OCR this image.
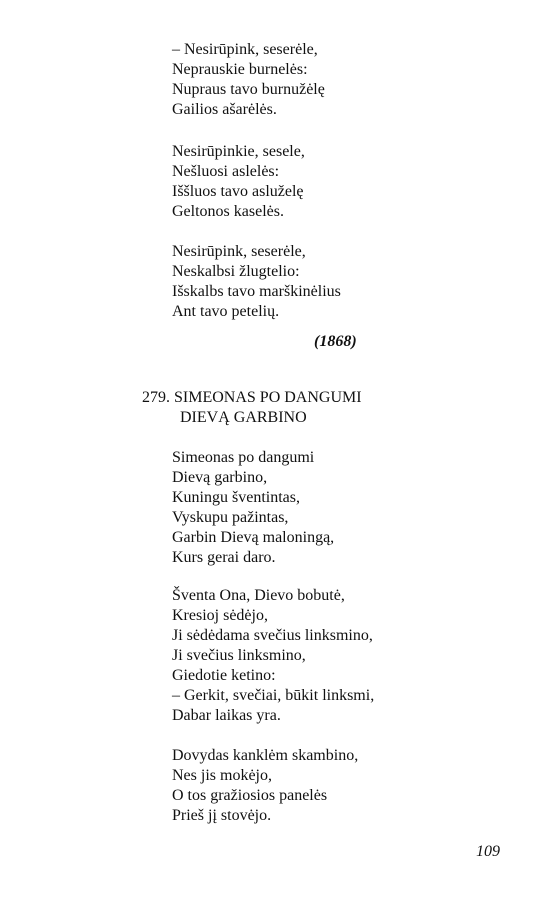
– Nesirūpink, seserėle,
Neprauskie burnelės:
Nupraus tavo burnužėlę
Gailios ašarėlės.
Nesirūpinkie, sesele,
Nešluosi aslelės:
Iššluos tavo asluželę
Geltonos kaselės.
Nesirūpink, seserėle,
Neskalbsi žlugtelio:
Išskalbs tavo marškinėlius
Ant tavo petelių.
(1868)
279. SIMEONAS PO DANGUMI
DIEVĄ GARBINO
Simeonas po dangumi
Dievą garbino,
Kuningu šventintas,
Vyskupu pažintas,
Garbin Dievą maloningą,
Kurs gerai daro.
Šventa Ona, Dievo bobutė,
Kresioj sėdėjo,
Ji sėdėdama svečius linksmino,
Ji svečius linksmino,
Giedotie ketino:
– Gerkit, svečiai, būkit linksmi,
Dabar laikas yra.
Dovydas kanklėm skambino,
Nes jis mokėjo,
O tos gražiosios panelės
Prieš jį stovėjo.
109
